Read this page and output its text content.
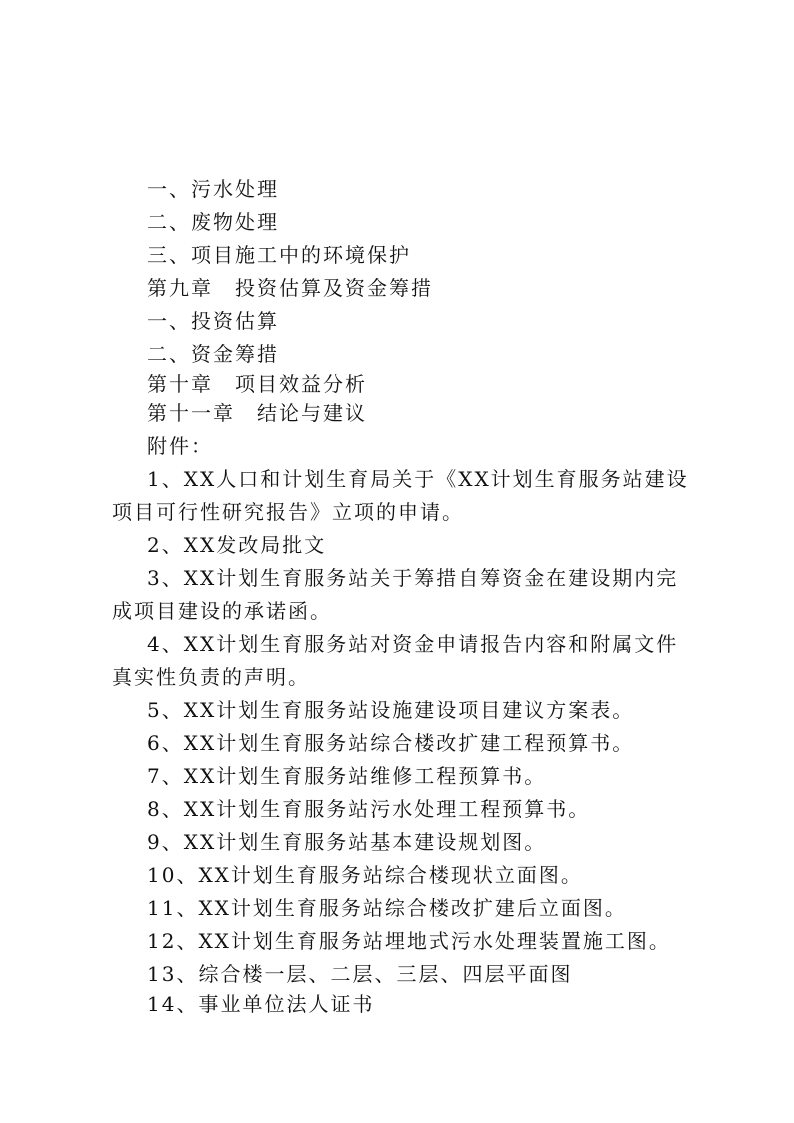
一、污水处理
二、废物处理
三、项目施工中的环境保护
第九章　投资估算及资金筹措
一、投资估算
二、资金筹措
第十章　项目效益分析
第十一章　结论与建议
附件：
1、XX人口和计划生育局关于《XX计划生育服务站建设项目可行性研究报告》立项的申请。
2、XX发改局批文
3、XX计划生育服务站关于筹措自筹资金在建设期内完成项目建设的承诺函。
4、XX计划生育服务站对资金申请报告内容和附属文件真实性负责的声明。
5、XX计划生育服务站设施建设项目建议方案表。
6、XX计划生育服务站综合楼改扩建工程预算书。
7、XX计划生育服务站维修工程预算书。
8、XX计划生育服务站污水处理工程预算书。
9、XX计划生育服务站基本建设规划图。
10、XX计划生育服务站综合楼现状立面图。
11、XX计划生育服务站综合楼改扩建后立面图。
12、XX计划生育服务站埋地式污水处理装置施工图。
13、综合楼一层、二层、三层、四层平面图
14、事业单位法人证书
